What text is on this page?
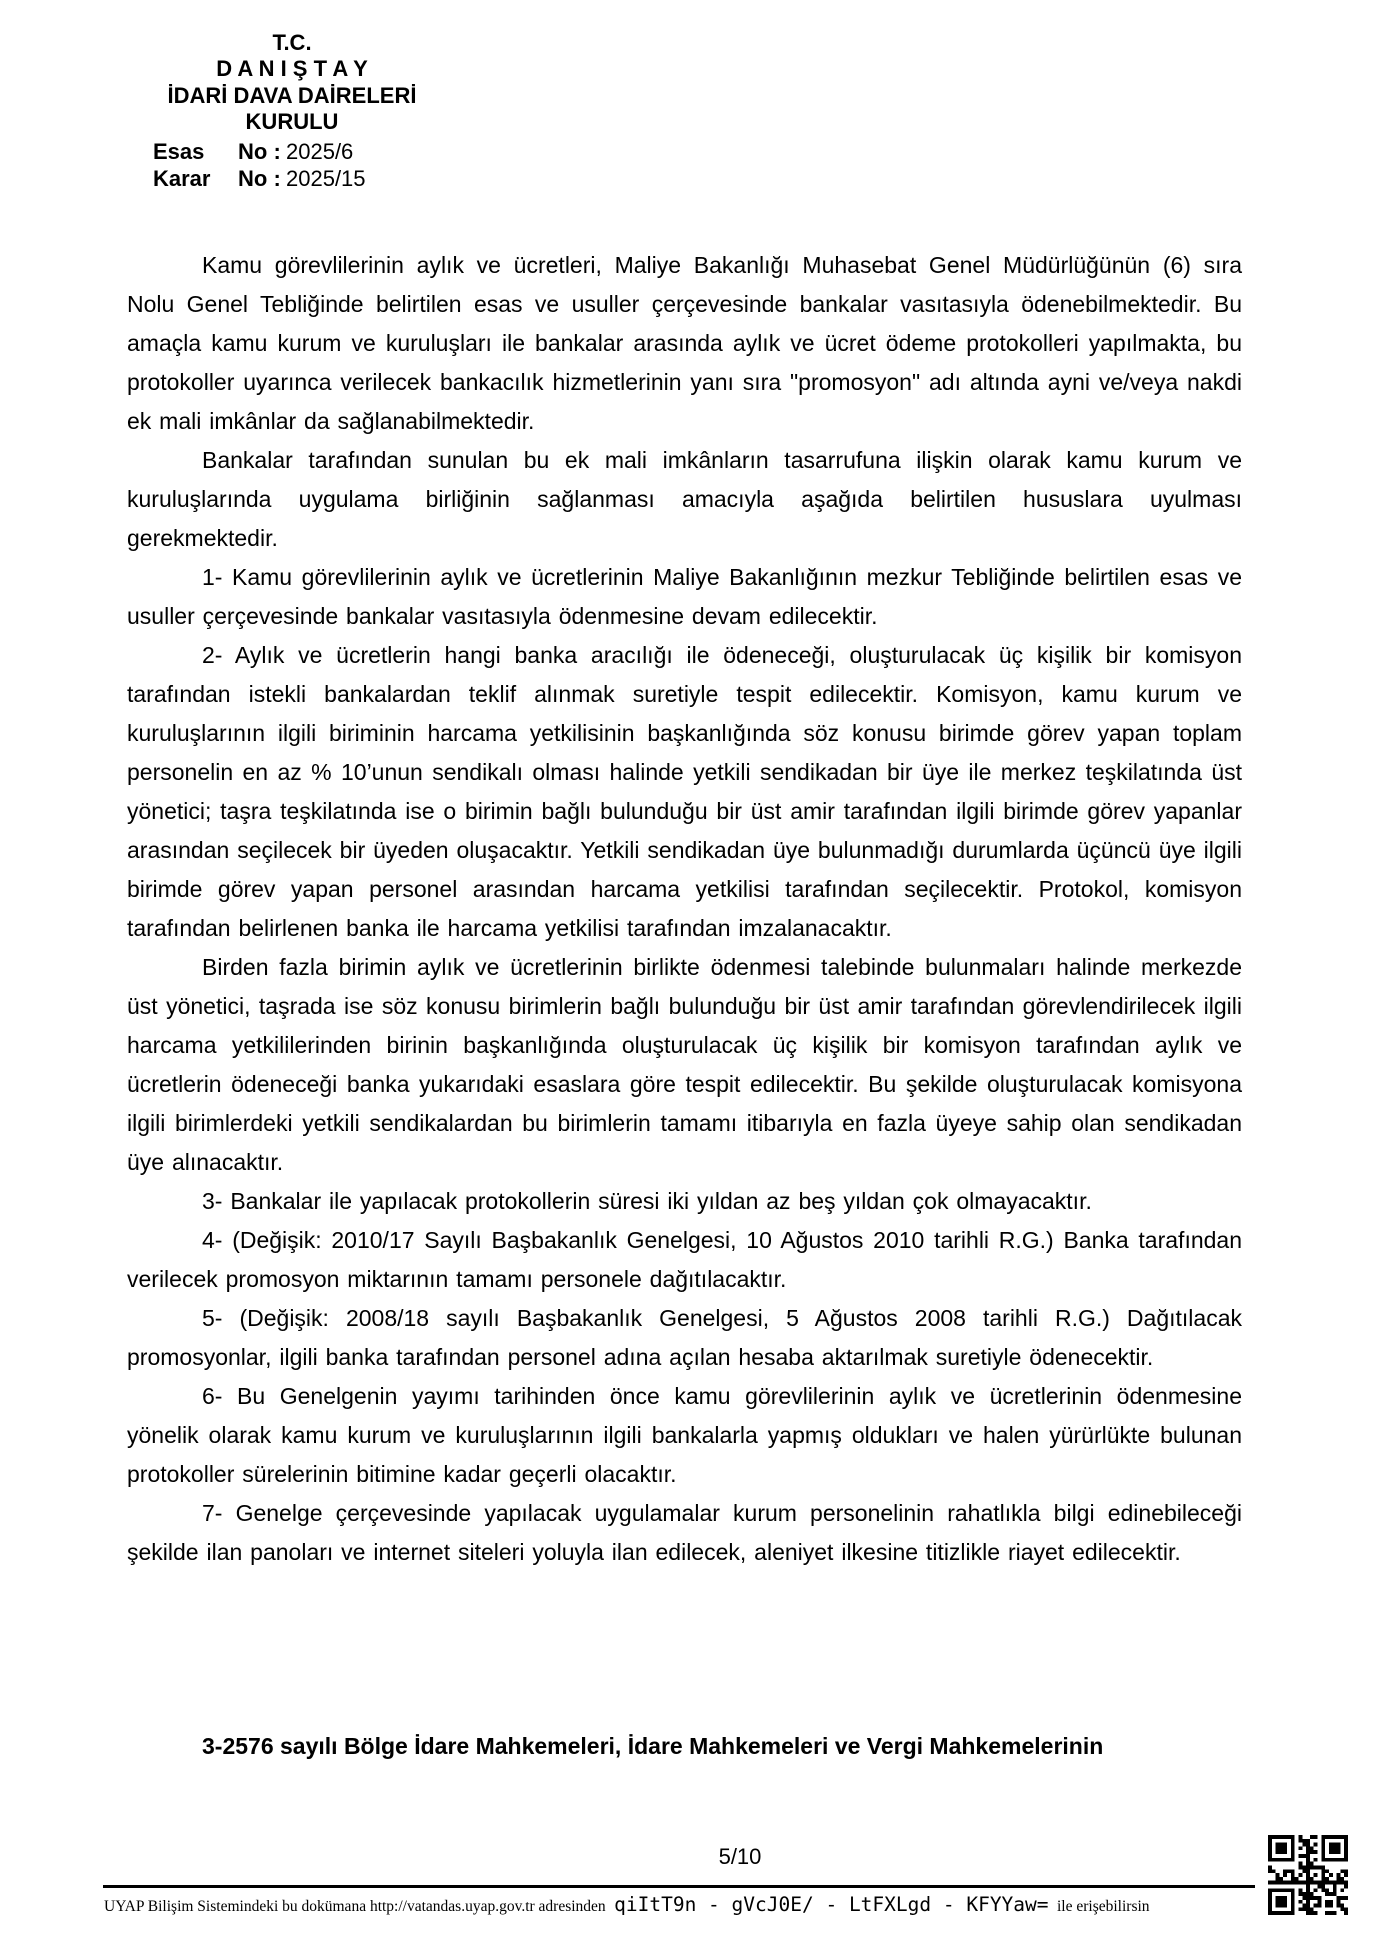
T.C.
D A N I Ş T A Y
İDARİ DAVA DAİRELERİ
KURULU
Esas	No : 2025/6
Karar	No : 2025/15

Kamu görevlilerinin aylık ve ücretleri, Maliye Bakanlığı Muhasebat Genel Müdürlüğünün (6) sıra Nolu Genel Tebliğinde belirtilen esas ve usuller çerçevesinde bankalar vasıtasıyla ödenebilmektedir. Bu amaçla kamu kurum ve kuruluşları ile bankalar arasında aylık ve ücret ödeme protokolleri yapılmakta, bu protokoller uyarınca verilecek bankacılık hizmetlerinin yanı sıra "promosyon" adı altında ayni ve/veya nakdi ek mali imkânlar da sağlanabilmektedir.

Bankalar tarafından sunulan bu ek mali imkânların tasarrufuna ilişkin olarak kamu kurum ve kuruluşlarında uygulama birliğinin sağlanması amacıyla aşağıda belirtilen hususlara uyulması gerekmektedir.

1- Kamu görevlilerinin aylık ve ücretlerinin Maliye Bakanlığının mezkur Tebliğinde belirtilen esas ve usuller çerçevesinde bankalar vasıtasıyla ödenmesine devam edilecektir.

2- Aylık ve ücretlerin hangi banka aracılığı ile ödeneceği, oluşturulacak üç kişilik bir komisyon tarafından istekli bankalardan teklif alınmak suretiyle tespit edilecektir. Komisyon, kamu kurum ve kuruluşlarının ilgili biriminin harcama yetkilisinin başkanlığında söz konusu birimde görev yapan toplam personelin en az % 10’unun sendikalı olması halinde yetkili sendikadan bir üye ile merkez teşkilatında üst yönetici; taşra teşkilatında ise o birimin bağlı bulunduğu bir üst amir tarafından ilgili birimde görev yapanlar arasından seçilecek bir üyeden oluşacaktır. Yetkili sendikadan üye bulunmadığı durumlarda üçüncü üye ilgili birimde görev yapan personel arasından harcama yetkilisi tarafından seçilecektir. Protokol, komisyon tarafından belirlenen banka ile harcama yetkilisi tarafından imzalanacaktır.

Birden fazla birimin aylık ve ücretlerinin birlikte ödenmesi talebinde bulunmaları halinde merkezde üst yönetici, taşrada ise söz konusu birimlerin bağlı bulunduğu bir üst amir tarafından görevlendirilecek ilgili harcama yetkililerinden birinin başkanlığında oluşturulacak üç kişilik bir komisyon tarafından aylık ve ücretlerin ödeneceği banka yukarıdaki esaslara göre tespit edilecektir. Bu şekilde oluşturulacak komisyona ilgili birimlerdeki yetkili sendikalardan bu birimlerin tamamı itibarıyla en fazla üyeye sahip olan sendikadan üye alınacaktır.

3- Bankalar ile yapılacak protokollerin süresi iki yıldan az beş yıldan çok olmayacaktır.

4- (Değişik: 2010/17 Sayılı Başbakanlık Genelgesi, 10 Ağustos 2010 tarihli R.G.) Banka tarafından verilecek promosyon miktarının tamamı personele dağıtılacaktır.

5- (Değişik: 2008/18 sayılı Başbakanlık Genelgesi, 5 Ağustos 2008 tarihli R.G.) Dağıtılacak promosyonlar, ilgili banka tarafından personel adına açılan hesaba aktarılmak suretiyle ödenecektir.

6- Bu Genelgenin yayımı tarihinden önce kamu görevlilerinin aylık ve ücretlerinin ödenmesine yönelik olarak kamu kurum ve kuruluşlarının ilgili bankalarla yapmış oldukları ve halen yürürlükte bulunan protokoller sürelerinin bitimine kadar geçerli olacaktır.

7- Genelge çerçevesinde yapılacak uygulamalar kurum personelinin rahatlıkla bilgi edinebileceği şekilde ilan panoları ve internet siteleri yoluyla ilan edilecek, aleniyet ilkesine titizlikle riayet edilecektir.

3-2576 sayılı Bölge İdare Mahkemeleri, İdare Mahkemeleri ve Vergi Mahkemelerinin
5/10
UYAP Bilişim Sistemindeki bu dokümana http://vatandas.uyap.gov.tr adresinden qiItT9n - gVcJ0E/ - LtFXLgd - KFYYaw= ile erişebilirsin
